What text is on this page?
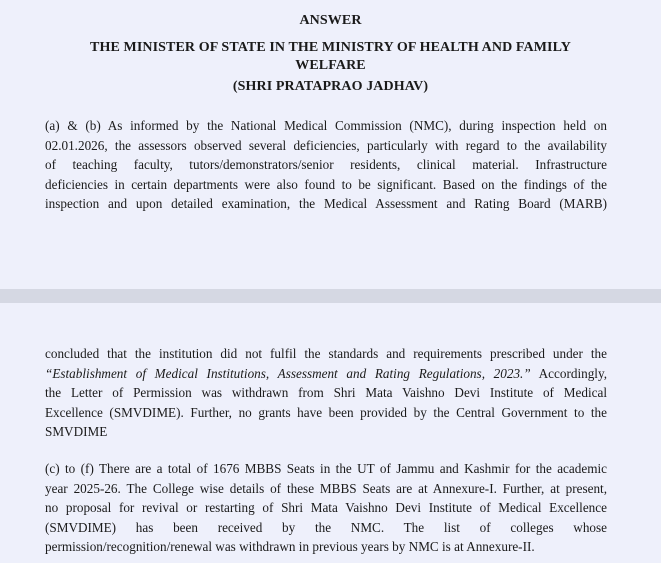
ANSWER
THE MINISTER OF STATE IN THE MINISTRY OF HEALTH AND FAMILY
WELFARE
(SHRI PRATAPRAO JADHAV)
(a) & (b) As informed by the National Medical Commission (NMC), during inspection held on
02.01.2026, the assessors observed several deficiencies, particularly with regard to the availability
of teaching faculty, tutors/demonstrators/senior residents, clinical material. Infrastructure
deficiencies in certain departments were also found to be significant. Based on the findings of the
inspection and upon detailed examination, the Medical Assessment and Rating Board (MARB)
concluded that the institution did not fulfil the standards and requirements prescribed under the
“Establishment of Medical Institutions, Assessment and Rating Regulations, 2023.” Accordingly,
the Letter of Permission was withdrawn from Shri Mata Vaishno Devi Institute of Medical
Excellence (SMVDIME). Further, no grants have been provided by the Central Government to the
SMVDIME
(c) to (f) There are a total of 1676 MBBS Seats in the UT of Jammu and Kashmir for the academic
year 2025-26. The College wise details of these MBBS Seats are at Annexure-I. Further, at present,
no proposal for revival or restarting of Shri Mata Vaishno Devi Institute of Medical Excellence
(SMVDIME) has been received by the NMC. The list of colleges whose
permission/recognition/renewal was withdrawn in previous years by NMC is at Annexure-II.
